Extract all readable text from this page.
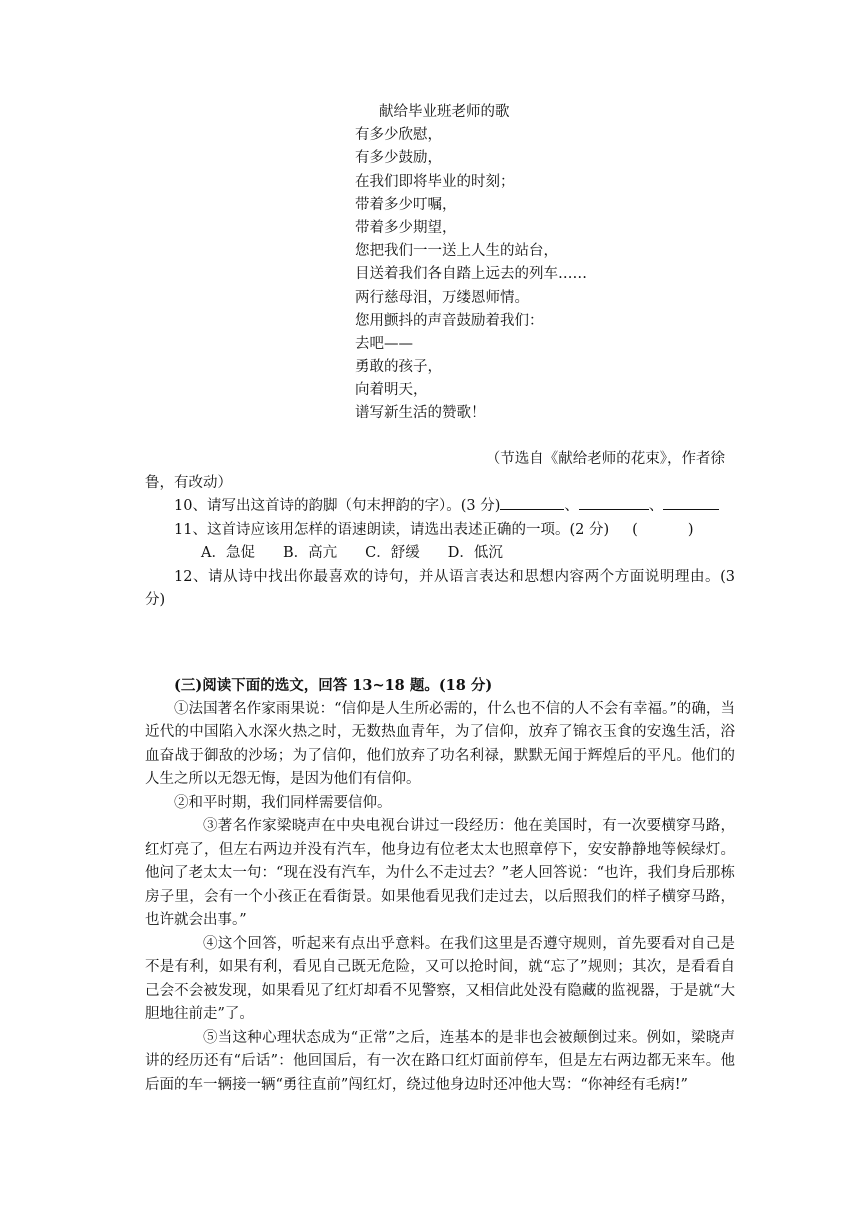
献给毕业班老师的歌
有多少欣慰，
有多少鼓励，
在我们即将毕业的时刻；
带着多少叮嘱，
带着多少期望，
您把我们一一送上人生的站台，
目送着我们各自踏上远去的列车……
两行慈母泪，万缕恩师情。
您用颤抖的声音鼓励着我们：
去吧——
勇敢的孩子，
向着明天，
谱写新生活的赞歌！
（节选自《献给老师的花束》，作者徐鲁，有改动）
10、请写出这首诗的韵脚（句末押韵的字）。(3 分)	、	、
11、这首诗应该用怎样的语速朗读，请选出表述正确的一项。(2 分) (	)
A．急促 B．高亢 C．舒缓 D．低沉
12、请从诗中找出你最喜欢的诗句，并从语言表达和思想内容两个方面说明理由。(3 分)
(三)阅读下面的选文，回答 13~18 题。(18 分)
①法国著名作家雨果说：“信仰是人生所必需的，什么也不信的人不会有幸福。”的确，当近代的中国陷入水深火热之时，无数热血青年，为了信仰，放弃了锦衣玉食的安逸生活，浴血奋战于御敌的沙场；为了信仰，他们放弃了功名利禄，默默无闻于辉煌后的平凡。他们的人生之所以无怨无悔，是因为他们有信仰。
②和平时期，我们同样需要信仰。
③著名作家梁晓声在中央电视台讲过一段经历：他在美国时，有一次要横穿马路，红灯亮了，但左右两边并没有汽车，他身边有位老太太也照章停下，安安静静地等候绿灯。他问了老太太一句：“现在没有汽车，为什么不走过去？”老人回答说：“也许，我们身后那栋房子里，会有一个小孩正在看街景。如果他看见我们走过去，以后照我们的样子横穿马路，也许就会出事。”
④这个回答，听起来有点出乎意料。在我们这里是否遵守规则，首先要看对自己是不是有利，如果有利，看见自己既无危险，又可以抢时间，就“忘了”规则；其次，是看看自己会不会被发现，如果看见了红灯却看不见警察，又相信此处没有隐藏的监视器，于是就“大胆地往前走”了。
⑤当这种心理状态成为“正常”之后，连基本的是非也会被颠倒过来。例如，梁晓声讲的经历还有“后话”：他回国后，有一次在路口红灯面前停车，但是左右两边都无来车。他后面的车一辆接一辆“勇往直前”闯红灯，绕过他身边时还冲他大骂：“你神经有毛病!”
